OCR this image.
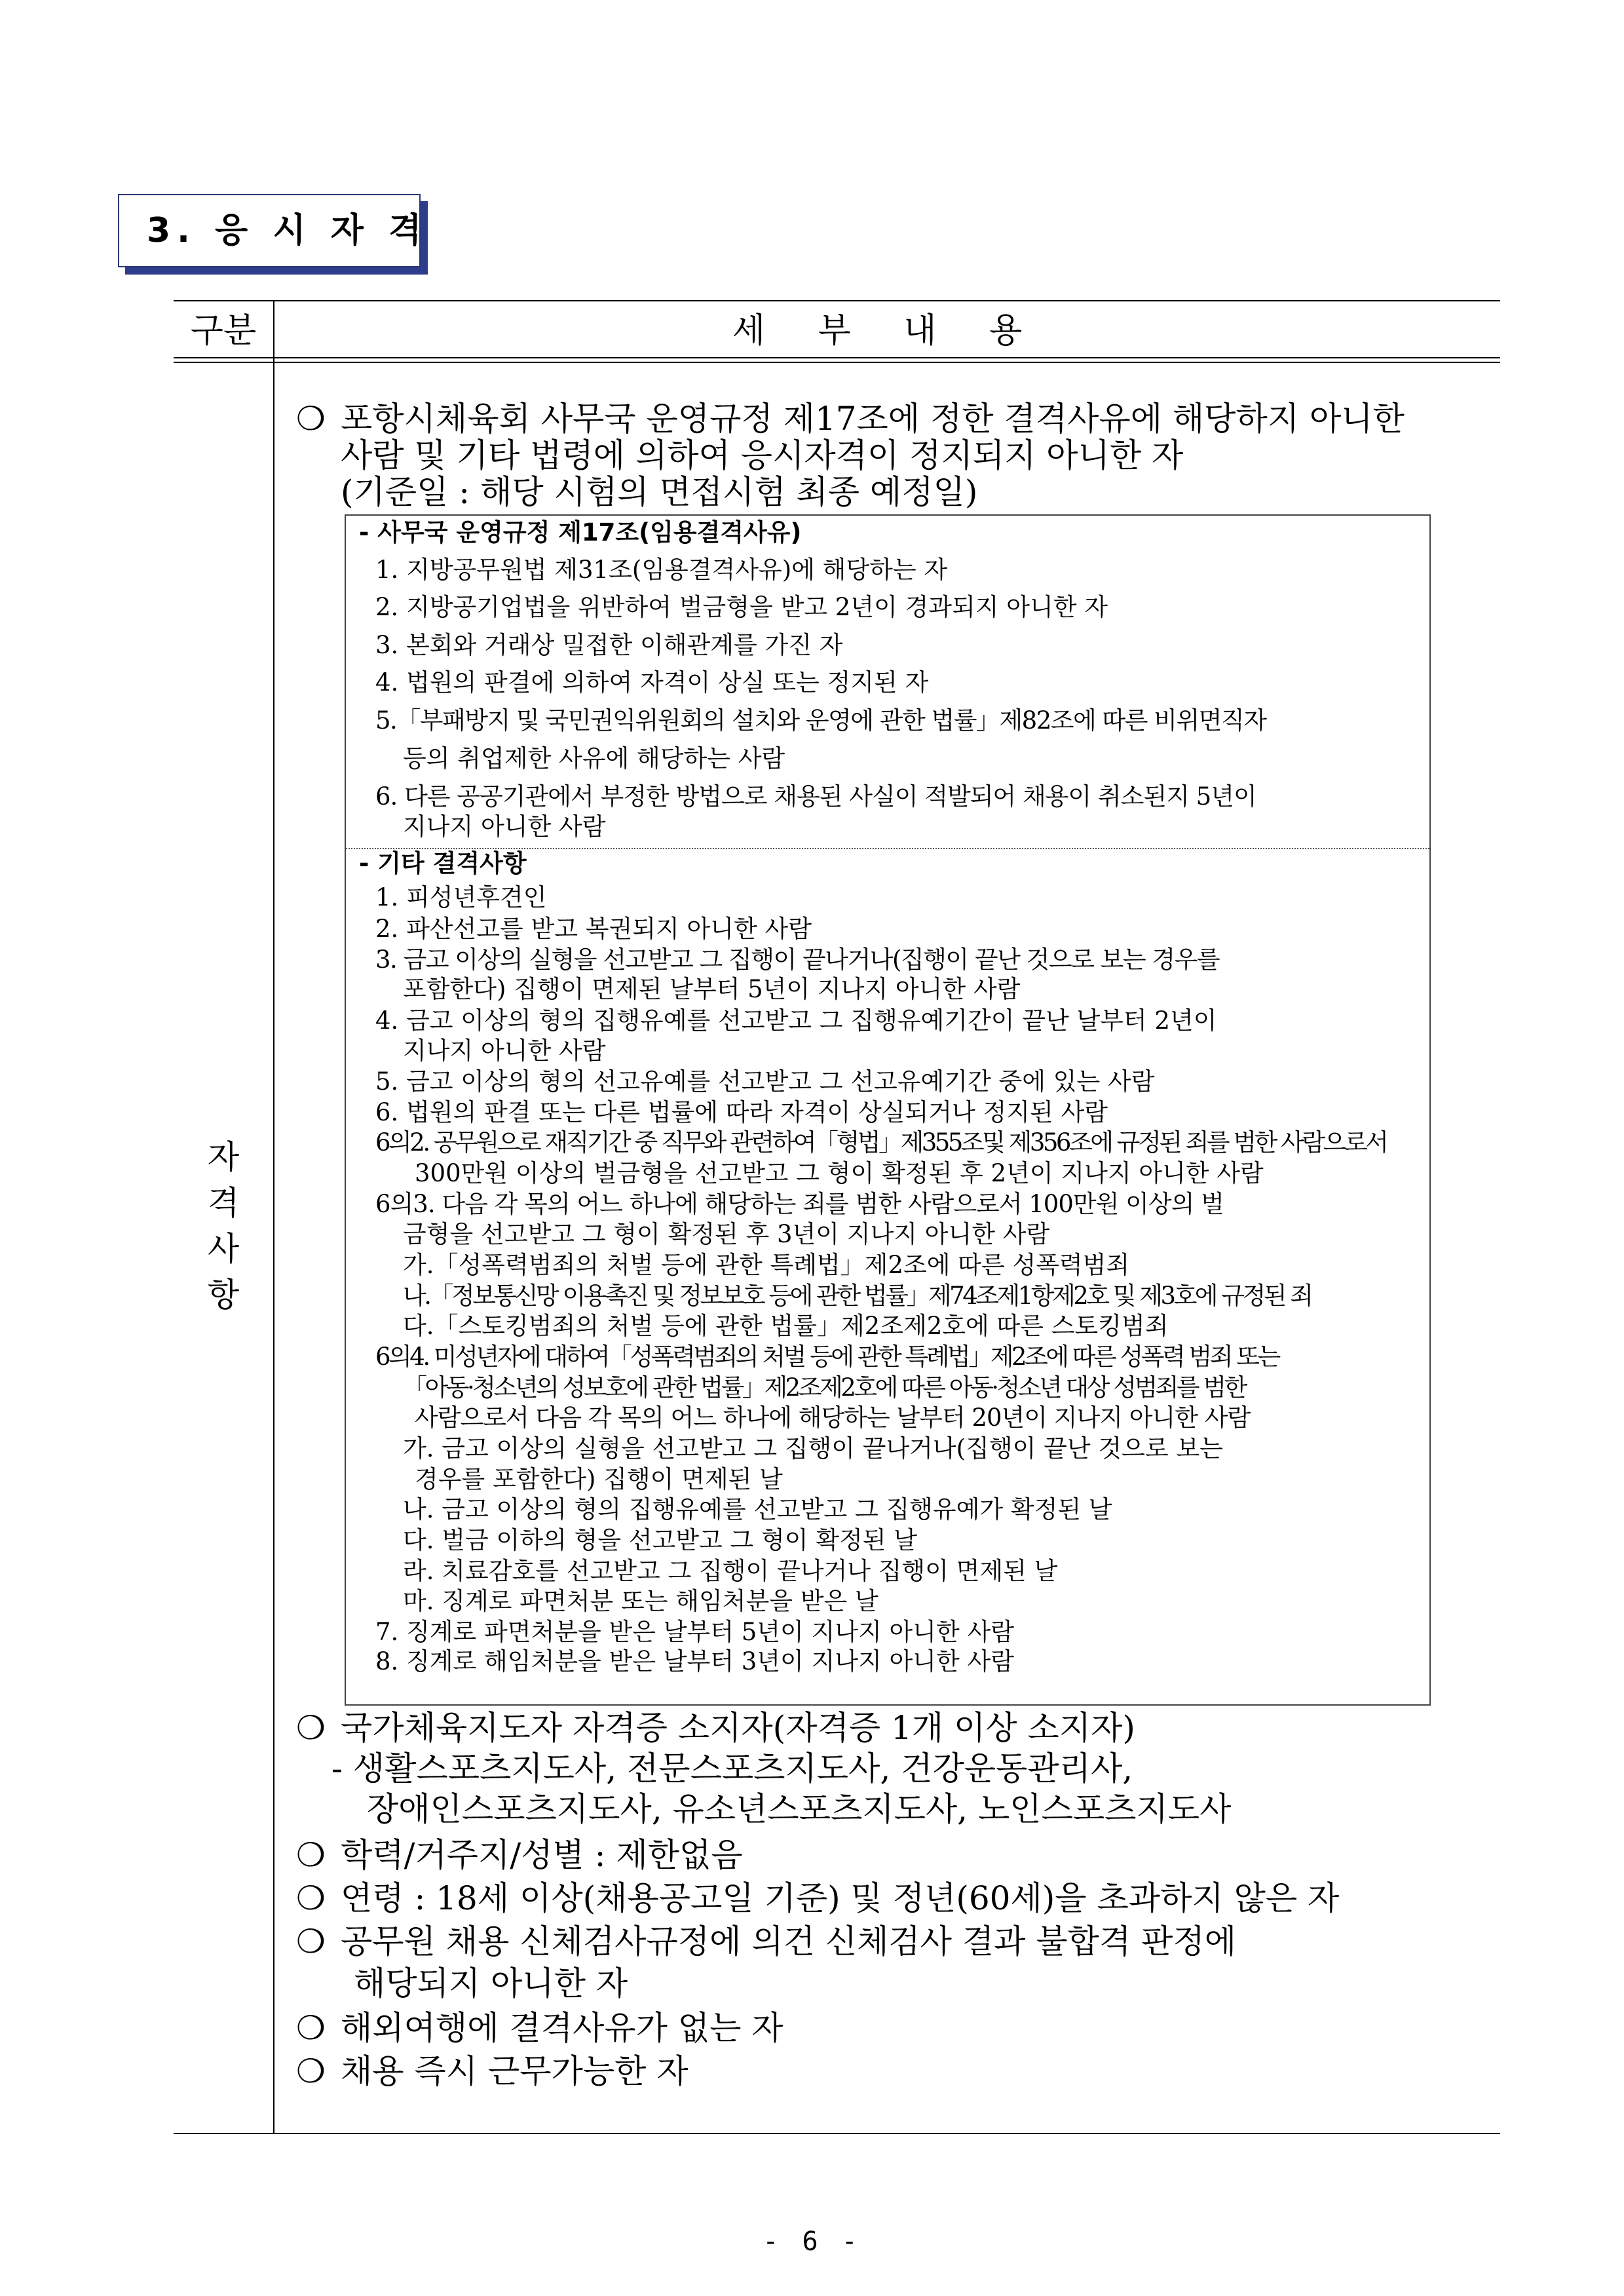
3. 응 시 자 격
구분	세 부 내 용
자
격
사
항
❍ 포항시체육회 사무국 운영규정 제17조에 정한 결격사유에 해당하지 아니한
사람 및 기타 법령에 의하여 응시자격이 정지되지 아니한 자
(기준일 : 해당 시험의 면접시험 최종 예정일)
- 사무국 운영규정 제17조(임용결격사유)
1. 지방공무원법 제31조(임용결격사유)에 해당하는 자
2. 지방공기업법을 위반하여 벌금형을 받고 2년이 경과되지 아니한 자
3. 본회와 거래상 밀접한 이해관계를 가진 자
4. 법원의 판결에 의하여 자격이 상실 또는 정지된 자
5.「부패방지 및 국민권익위원회의 설치와 운영에 관한 법률」제82조에 따른 비위면직자
등의 취업제한 사유에 해당하는 사람
6. 다른 공공기관에서 부정한 방법으로 채용된 사실이 적발되어 채용이 취소된지 5년이
지나지 아니한 사람
- 기타 결격사항
1. 피성년후견인
2. 파산선고를 받고 복권되지 아니한 사람
3. 금고 이상의 실형을 선고받고 그 집행이 끝나거나(집행이 끝난 것으로 보는 경우를
포함한다) 집행이 면제된 날부터 5년이 지나지 아니한 사람
4. 금고 이상의 형의 집행유예를 선고받고 그 집행유예기간이 끝난 날부터 2년이
지나지 아니한 사람
5. 금고 이상의 형의 선고유예를 선고받고 그 선고유예기간 중에 있는 사람
6. 법원의 판결 또는 다른 법률에 따라 자격이 상실되거나 정지된 사람
6의2. 공무원으로 재직기간 중 직무와 관련하여「형법」제355조및 제356조에 규정된 죄를 범한 사람으로서
300만원 이상의 벌금형을 선고받고 그 형이 확정된 후 2년이 지나지 아니한 사람
6의3. 다음 각 목의 어느 하나에 해당하는 죄를 범한 사람으로서 100만원 이상의 벌
금형을 선고받고 그 형이 확정된 후 3년이 지나지 아니한 사람
가.「성폭력범죄의 처벌 등에 관한 특례법」제2조에 따른 성폭력범죄
나.「정보통신망 이용촉진 및 정보보호 등에 관한 법률」제74조제1항제2호 및 제3호에 규정된 죄
다.「스토킹범죄의 처벌 등에 관한 법률」제2조제2호에 따른 스토킹범죄
6의4. 미성년자에 대하여「성폭력범죄의 처벌 등에 관한 특례법」제2조에 따른 성폭력 범죄 또는
「아동·청소년의 성보호에 관한 법률」제2조제2호에 따른 아동·청소년 대상 성범죄를 범한
사람으로서 다음 각 목의 어느 하나에 해당하는 날부터 20년이 지나지 아니한 사람
가. 금고 이상의 실형을 선고받고 그 집행이 끝나거나(집행이 끝난 것으로 보는
경우를 포함한다) 집행이 면제된 날
나. 금고 이상의 형의 집행유예를 선고받고 그 집행유예가 확정된 날
다. 벌금 이하의 형을 선고받고 그 형이 확정된 날
라. 치료감호를 선고받고 그 집행이 끝나거나 집행이 면제된 날
마. 징계로 파면처분 또는 해임처분을 받은 날
7. 징계로 파면처분을 받은 날부터 5년이 지나지 아니한 사람
8. 징계로 해임처분을 받은 날부터 3년이 지나지 아니한 사람
❍ 국가체육지도자 자격증 소지자(자격증 1개 이상 소지자)
- 생활스포츠지도사, 전문스포츠지도사, 건강운동관리사,
장애인스포츠지도사, 유소년스포츠지도사, 노인스포츠지도사
❍ 학력/거주지/성별 : 제한없음
❍ 연령 : 18세 이상(채용공고일 기준) 및 정년(60세)을 초과하지 않은 자
❍ 공무원 채용 신체검사규정에 의건 신체검사 결과 불합격 판정에
해당되지 아니한 자
❍ 해외여행에 결격사유가 없는 자
❍ 채용 즉시 근무가능한 자
- 6 -
